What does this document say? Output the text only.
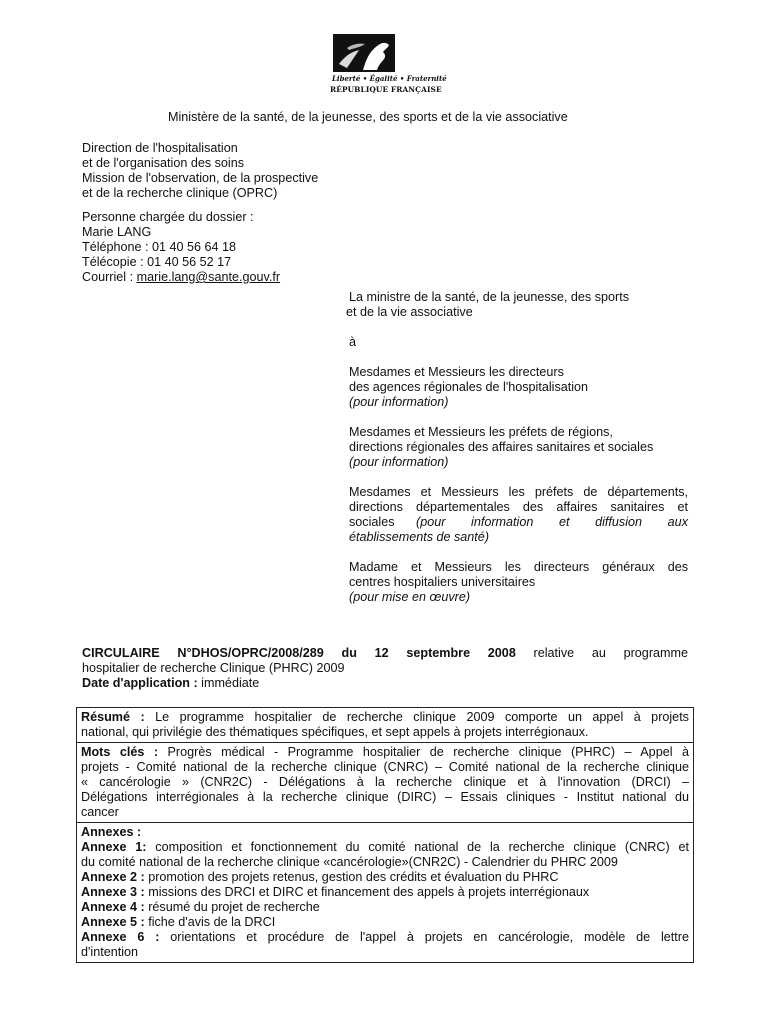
Liberté • Égalité • Fraternité
RÉPUBLIQUE FRANÇAISE
Ministère de la santé, de la jeunesse, des sports et de la vie associative
Direction de l'hospitalisation
et de l'organisation des soins
Mission de l'observation, de la prospective
et de la recherche clinique (OPRC)
Personne chargée du dossier :
Marie LANG
Téléphone : 01 40 56 64 18
Télécopie : 01 40 56 52 17
Courriel : marie.lang@sante.gouv.fr
La ministre de la santé, de la jeunesse, des sports
et de la vie associative
à
Mesdames et Messieurs les directeurs
des agences régionales de l'hospitalisation
(pour information)
Mesdames et Messieurs les préfets de régions,
directions régionales des affaires sanitaires et sociales
(pour information)
Mesdames et Messieurs les préfets de départements,
directions départementales des affaires sanitaires et
sociales (pour information et diffusion aux
établissements de santé)
Madame et Messieurs les directeurs généraux des
centres hospitaliers universitaires
(pour mise en œuvre)
CIRCULAIRE N°DHOS/OPRC/2008/289 du 12 septembre 2008 relative au programme
hospitalier de recherche Clinique (PHRC) 2009
Date d'application : immédiate
Résumé : Le programme hospitalier de recherche clinique 2009 comporte un appel à projets
national, qui privilégie des thématiques spécifiques, et sept appels à projets interrégionaux.
Mots clés : Progrès médical - Programme hospitalier de recherche clinique (PHRC) – Appel à
projets - Comité national de la recherche clinique (CNRC) – Comité national de la recherche clinique
« cancérologie » (CNR2C) - Délégations à la recherche clinique et à l'innovation (DRCI) –
Délégations interrégionales à la recherche clinique (DIRC) – Essais cliniques - Institut national du
cancer
Annexes :
Annexe 1: composition et fonctionnement du comité national de la recherche clinique (CNRC) et
du comité national de la recherche clinique «cancérologie»(CNR2C) - Calendrier du PHRC 2009
Annexe 2 : promotion des projets retenus, gestion des crédits et évaluation du PHRC
Annexe 3 : missions des DRCI et DIRC et financement des appels à projets interrégionaux
Annexe 4 : résumé du projet de recherche
Annexe 5 : fiche d'avis de la DRCI
Annexe 6 : orientations et procédure de l'appel à projets en cancérologie, modèle de lettre
d'intention
